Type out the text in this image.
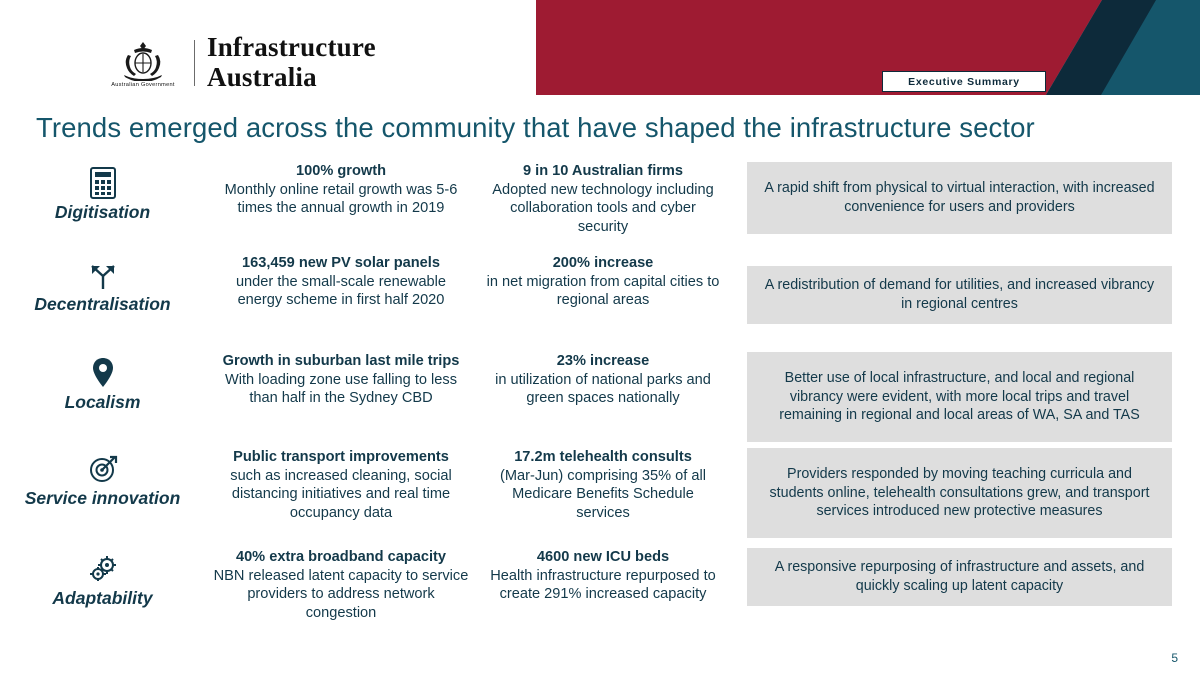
Executive Summary
Australian Government
Infrastructure
Australia
Trends emerged across the community that have shaped the infrastructure sector
Digitisation
100% growth
Monthly online retail growth was 5-6 times the annual growth in 2019
9 in 10 Australian firms
Adopted new technology including collaboration tools and cyber security
A rapid shift from physical to virtual interaction, with increased convenience for users and providers
Decentralisation
163,459 new PV solar panels
under the small-scale renewable energy scheme in first half 2020
200% increase
in net migration from capital cities to regional areas
A redistribution of demand for utilities, and increased vibrancy in regional centres
Localism
Growth in suburban last mile trips
With loading zone use falling to less than half in the Sydney CBD
23% increase
in utilization of national parks and green spaces nationally
Better use of local infrastructure, and local and regional vibrancy were evident, with more local trips and travel remaining in regional and local areas of WA, SA and TAS
Service innovation
Public transport improvements
such as increased cleaning, social distancing initiatives and real time occupancy data
17.2m telehealth consults
(Mar-Jun) comprising 35% of all Medicare Benefits Schedule services
Providers responded by moving teaching curricula and students online, telehealth consultations grew, and transport services introduced new protective measures
Adaptability
40% extra broadband capacity
NBN released latent capacity to service providers to address network congestion
4600 new ICU beds
Health infrastructure repurposed to create 291% increased capacity
A responsive repurposing of infrastructure and assets, and quickly scaling up latent capacity
5
